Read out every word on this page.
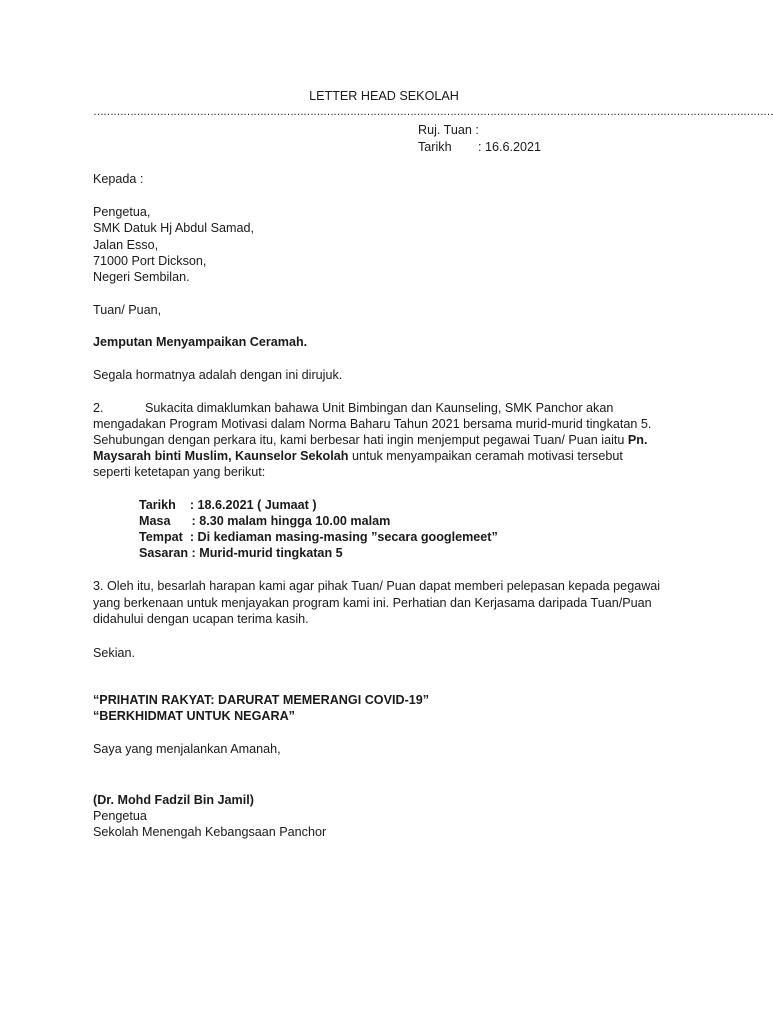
LETTER HEAD SEKOLAH
……………………………………………………………………………………………………………………………………………………………………………………
Ruj. Tuan :
Tarikh : 16.6.2021
Kepada :
Pengetua,
SMK Datuk Hj Abdul Samad,
Jalan Esso,
71000 Port Dickson,
Negeri Sembilan.
Tuan/ Puan,
Jemputan Menyampaikan Ceramah.
Segala hormatnya adalah dengan ini dirujuk.
2.	Sukacita dimaklumkan bahawa Unit Bimbingan dan Kaunseling, SMK Panchor akan
mengadakan Program Motivasi dalam Norma Baharu Tahun 2021 bersama murid-murid tingkatan 5.
Sehubungan dengan perkara itu, kami berbesar hati ingin menjemput pegawai Tuan/ Puan iaitu Pn.
Maysarah binti Muslim, Kaunselor Sekolah untuk menyampaikan ceramah motivasi tersebut
seperti ketetapan yang berikut:
Tarikh    : 18.6.2021 ( Jumaat )
Masa      : 8.30 malam hingga 10.00 malam
Tempat  : Di kediaman masing-masing ”secara googlemeet”
Sasaran : Murid-murid tingkatan 5
3. Oleh itu, besarlah harapan kami agar pihak Tuan/ Puan dapat memberi pelepasan kepada pegawai
yang berkenaan untuk menjayakan program kami ini. Perhatian dan Kerjasama daripada Tuan/Puan
didahului dengan ucapan terima kasih.
Sekian.
“PRIHATIN RAKYAT: DARURAT MEMERANGI COVID-19”
“BERKHIDMAT UNTUK NEGARA”
Saya yang menjalankan Amanah,
(Dr. Mohd Fadzil Bin Jamil)
Pengetua
Sekolah Menengah Kebangsaan Panchor
